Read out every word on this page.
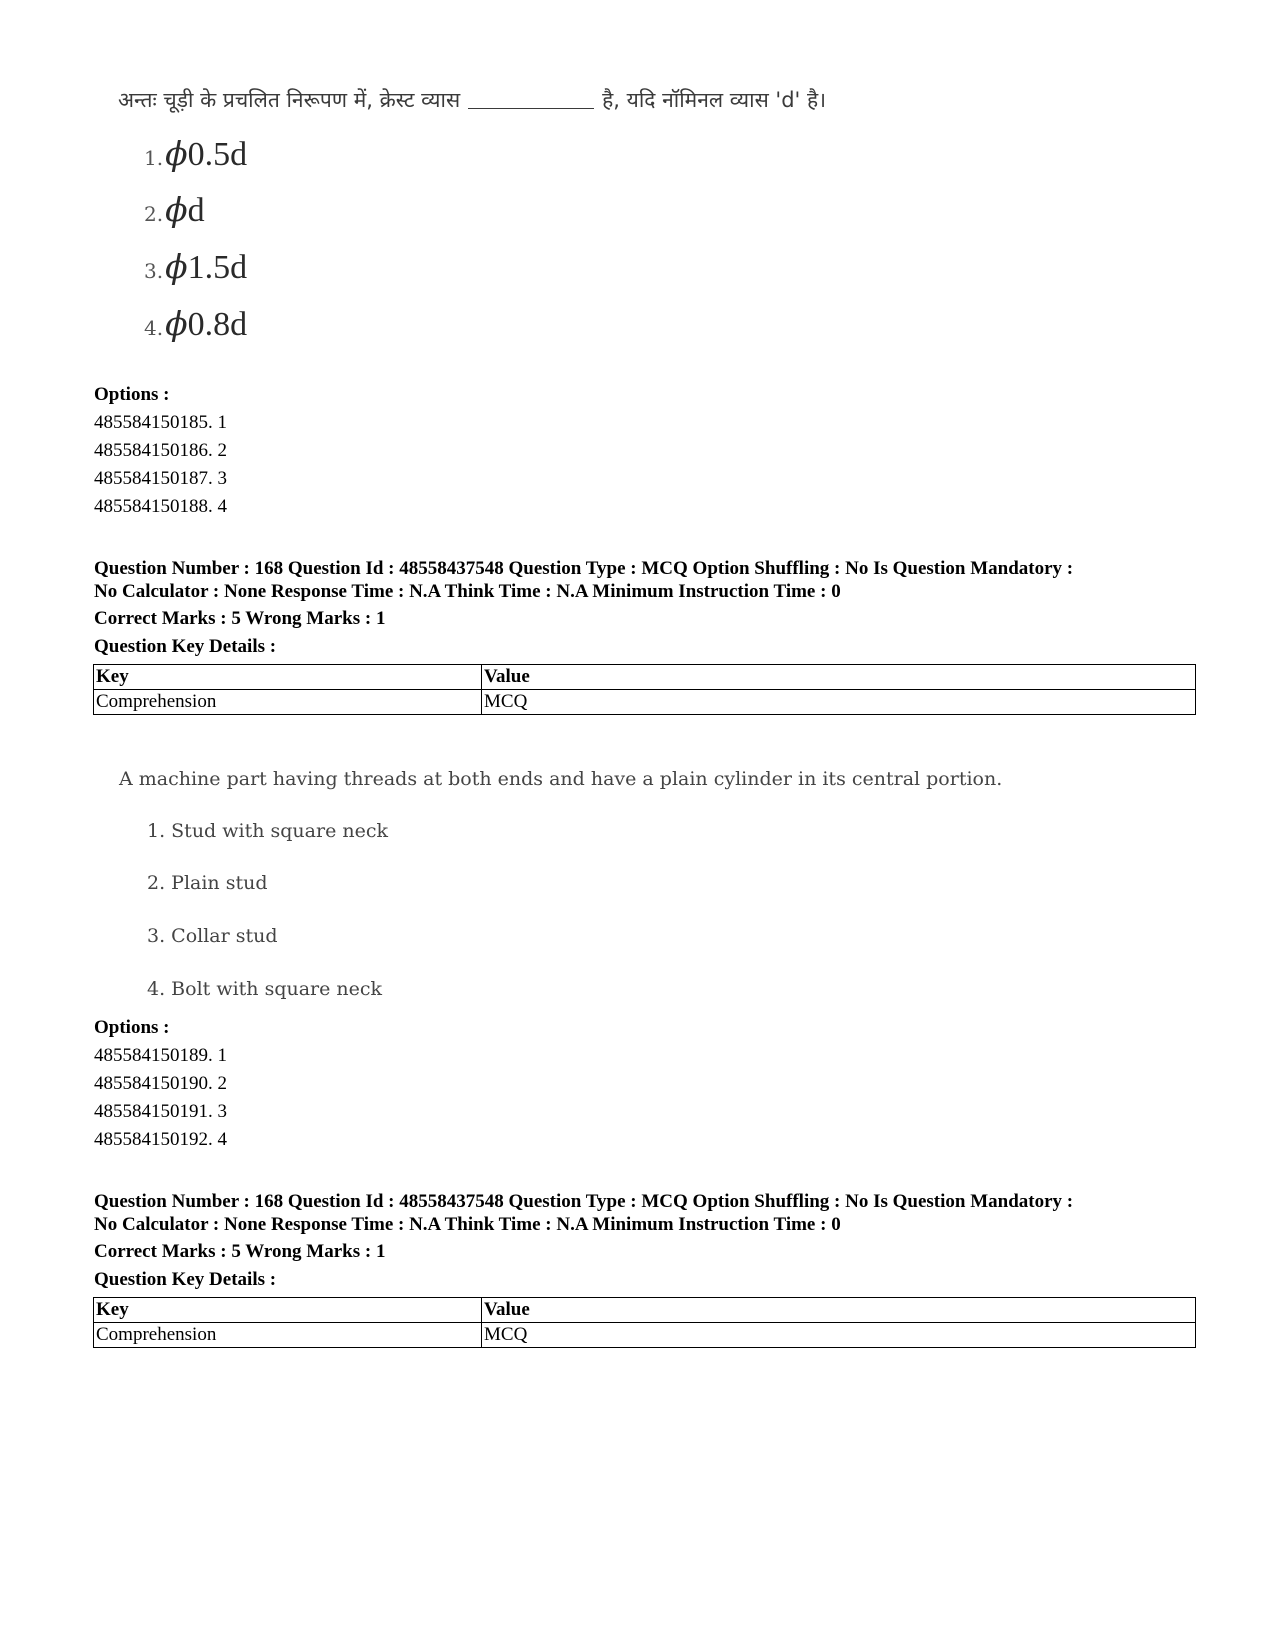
अन्तः चूड़ी के प्रचलित निरूपण में, क्रेस्ट व्यास	है, यदि नॉमिनल व्यास 'd' है।
1.ϕ0.5d
2.ϕd
3.ϕ1.5d
4.ϕ0.8d
Options :
485584150185. 1
485584150186. 2
485584150187. 3
485584150188. 4
Question Number : 168 Question Id : 48558437548 Question Type : MCQ Option Shuffling : No Is Question Mandatory :
No Calculator : None Response Time : N.A Think Time : N.A Minimum Instruction Time : 0
Correct Marks : 5 Wrong Marks : 1
Question Key Details :
Key	Value
Comprehension	MCQ
A machine part having threads at both ends and have a plain cylinder in its central portion.
1. Stud with square neck
2. Plain stud
3. Collar stud
4. Bolt with square neck
Options :
485584150189. 1
485584150190. 2
485584150191. 3
485584150192. 4
Question Number : 168 Question Id : 48558437548 Question Type : MCQ Option Shuffling : No Is Question Mandatory :
No Calculator : None Response Time : N.A Think Time : N.A Minimum Instruction Time : 0
Correct Marks : 5 Wrong Marks : 1
Question Key Details :
Key	Value
Comprehension	MCQ
